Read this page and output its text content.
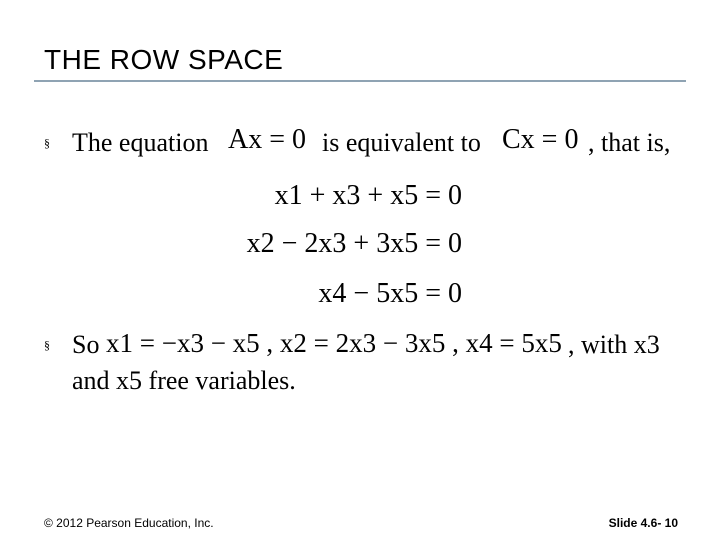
THE ROW SPACE
§ The equation Ax = 0 is equivalent to Cx = 0 , that is,
x1 + x3 + x5 = 0
x2 − 2x3 + 3x5 = 0
x4 − 5x5 = 0
§ So x1 = −x3 − x5 , x2 = 2x3 − 3x5 , x4 = 5x5 , with x3
and x5 free variables.
© 2012 Pearson Education, Inc.	Slide 4.6- 10
